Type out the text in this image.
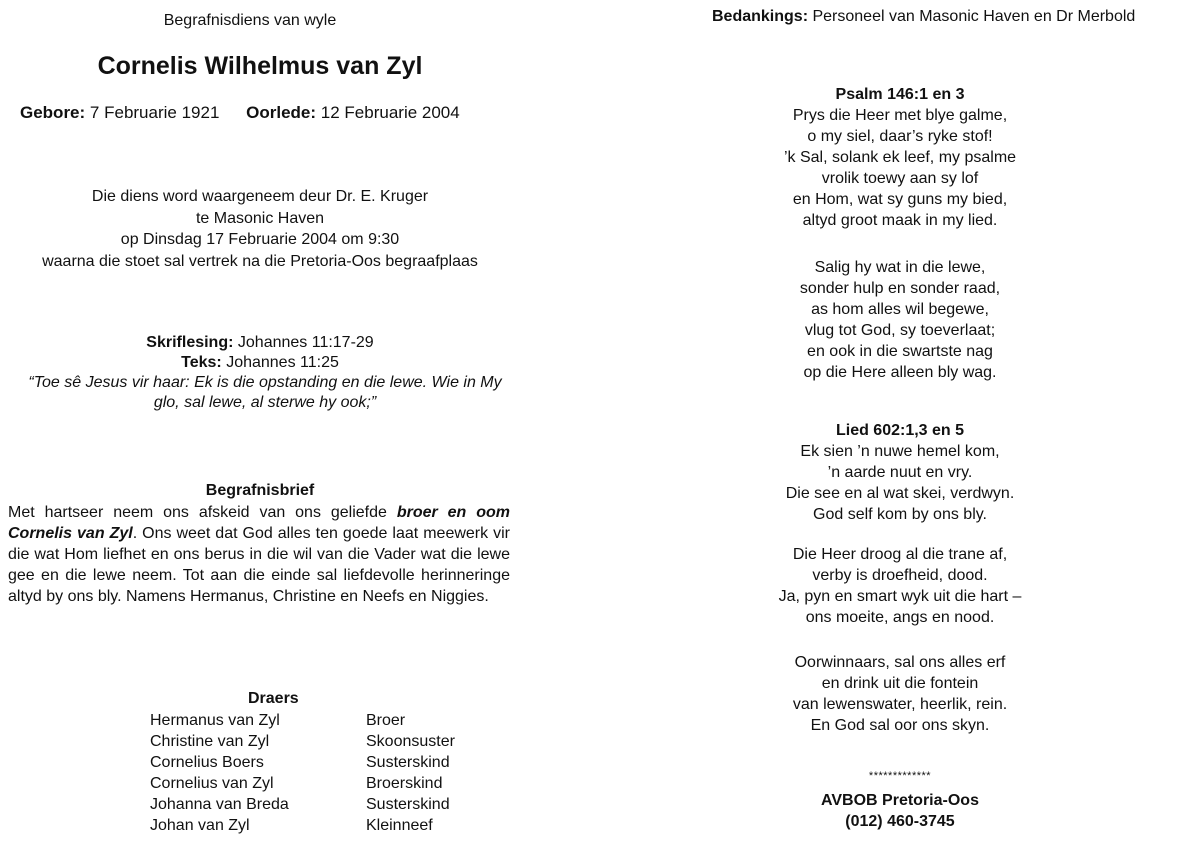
Begrafnisdiens van wyle
Cornelis Wilhelmus van Zyl
Gebore: 7 Februarie 1921 Oorlede: 12 Februarie 2004
Die diens word waargeneem deur Dr. E. Kruger
te Masonic Haven
op Dinsdag 17 Februarie 2004 om 9:30
waarna die stoet sal vertrek na die Pretoria-Oos begraafplaas
Skriflesing: Johannes 11:17-29
Teks: Johannes 11:25
“Toe sê Jesus vir haar: Ek is die opstanding en die lewe. Wie in My glo, sal lewe, al sterwe hy ook;”
Begrafnisbrief
Met hartseer neem ons afskeid van ons geliefde broer en oom Cornelis van Zyl. Ons weet dat God alles ten goede laat meewerk vir die wat Hom liefhet en ons berus in die wil van die Vader wat die lewe gee en die lewe neem. Tot aan die einde sal liefdevolle herinneringe altyd by ons bly. Namens Hermanus, Christine en Neefs en Niggies.
Draers
Hermanus van Zyl	Broer
Christine van Zyl	Skoonsuster
Cornelius Boers	Susterskind
Cornelius van Zyl	Broerskind
Johanna van Breda	Susterskind
Johan van Zyl	Kleinneef
Bedankings: Personeel van Masonic Haven en Dr Merbold
Psalm 146:1 en 3
Prys die Heer met blye galme,
o my siel, daar’s ryke stof!
’k Sal, solank ek leef, my psalme
vrolik toewy aan sy lof
en Hom, wat sy guns my bied,
altyd groot maak in my lied.
Salig hy wat in die lewe,
sonder hulp en sonder raad,
as hom alles wil begewe,
vlug tot God, sy toeverlaat;
en ook in die swartste nag
op die Here alleen bly wag.
Lied 602:1,3 en 5
Ek sien ’n nuwe hemel kom,
’n aarde nuut en vry.
Die see en al wat skei, verdwyn.
God self kom by ons bly.
Die Heer droog al die trane af,
verby is droefheid, dood.
Ja, pyn en smart wyk uit die hart –
ons moeite, angs en nood.
Oorwinnaars, sal ons alles erf
en drink uit die fontein
van lewenswater, heerlik, rein.
En God sal oor ons skyn.
*************
AVBOB Pretoria-Oos
(012) 460-3745
